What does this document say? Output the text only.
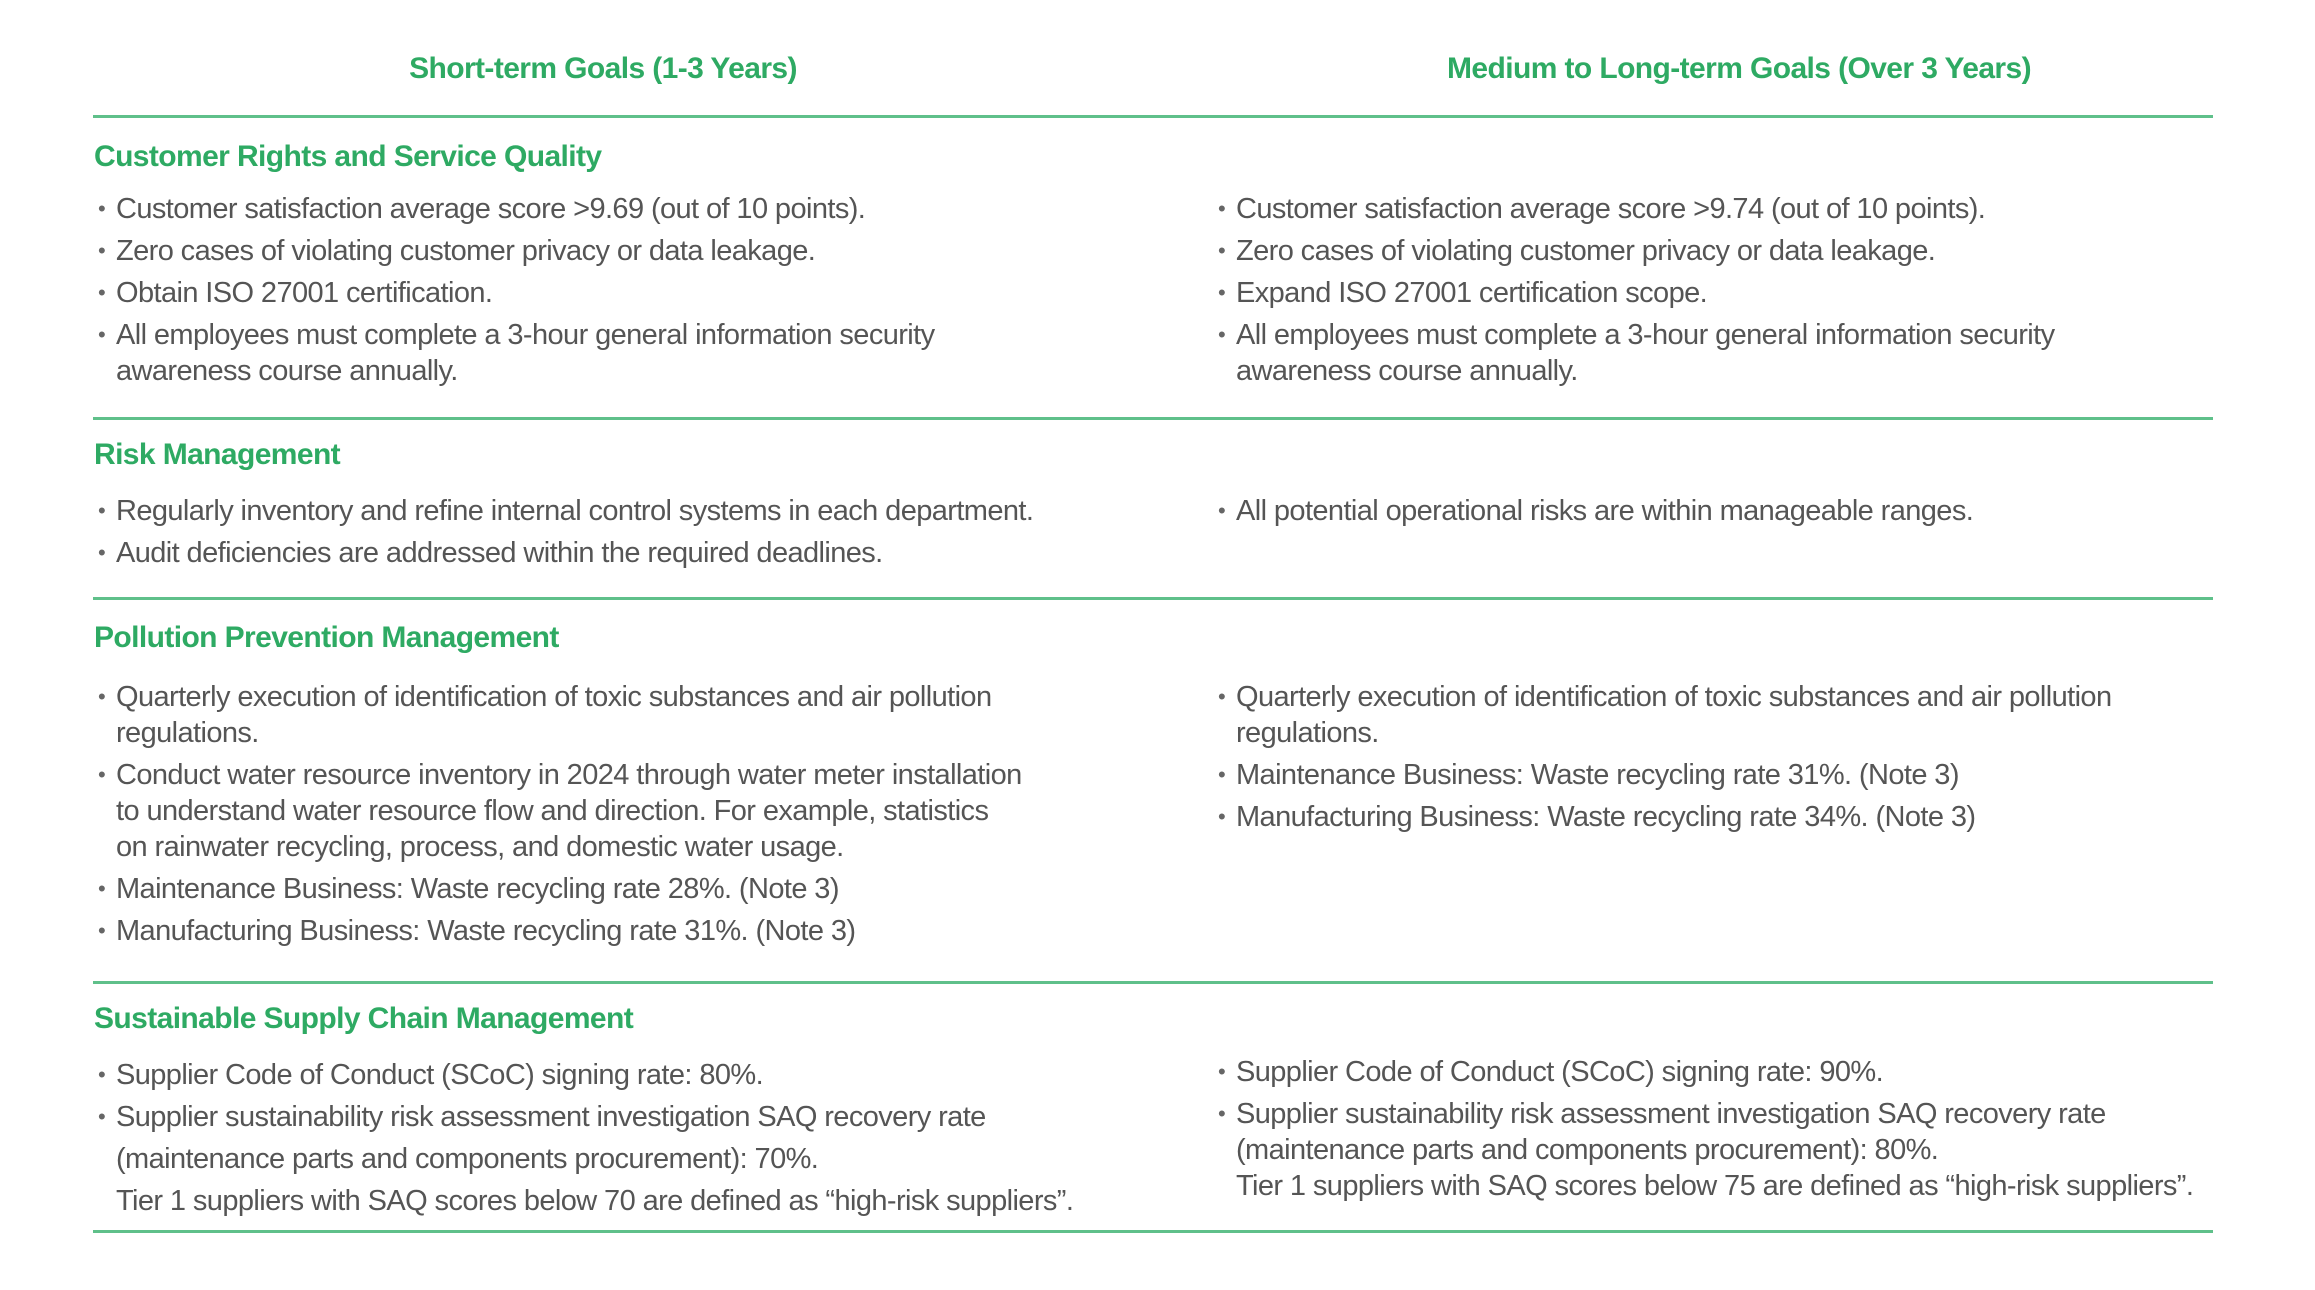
Short-term Goals (1-3 Years)	Medium to Long-term Goals (Over 3 Years)
Customer Rights and Service Quality
Risk Management
Pollution Prevention Management
Sustainable Supply Chain Management
• Customer satisfaction average score >9.69 (out of 10 points).
• Zero cases of violating customer privacy or data leakage.
• Obtain ISO 27001 certification.
• All employees must complete a 3-hour general information security
awareness course annually.
• Customer satisfaction average score >9.74 (out of 10 points).
• Zero cases of violating customer privacy or data leakage.
• Expand ISO 27001 certification scope.
• All employees must complete a 3-hour general information security
awareness course annually.
• Regularly inventory and refine internal control systems in each department.
• Audit deficiencies are addressed within the required deadlines.
• All potential operational risks are within manageable ranges.
• Quarterly execution of identification of toxic substances and air pollution
regulations.
• Conduct water resource inventory in 2024 through water meter installation
to understand water resource flow and direction. For example, statistics
on rainwater recycling, process, and domestic water usage.
• Maintenance Business: Waste recycling rate 28%. (Note 3)
• Manufacturing Business: Waste recycling rate 31%. (Note 3)
• Quarterly execution of identification of toxic substances and air pollution
regulations.
• Maintenance Business: Waste recycling rate 31%. (Note 3)
• Manufacturing Business: Waste recycling rate 34%. (Note 3)
• Supplier Code of Conduct (SCoC) signing rate: 80%.
• Supplier sustainability risk assessment investigation SAQ recovery rate
(maintenance parts and components procurement): 70%.
Tier 1 suppliers with SAQ scores below 70 are defined as “high-risk suppliers”.
• Supplier Code of Conduct (SCoC) signing rate: 90%.
• Supplier sustainability risk assessment investigation SAQ recovery rate
(maintenance parts and components procurement): 80%.
Tier 1 suppliers with SAQ scores below 75 are defined as “high-risk suppliers”.
